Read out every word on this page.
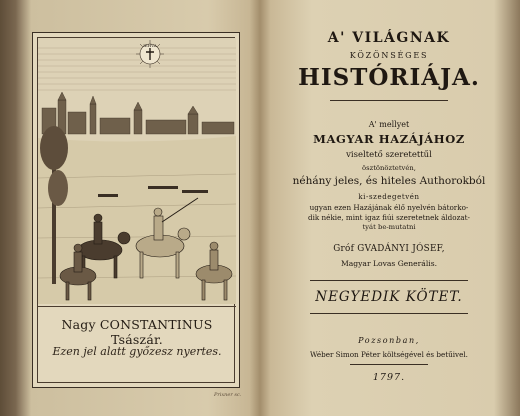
IEHVA
Nagy CONSTANTINUS Tsászár.
Ezen jel alatt győzesz nyertes.
Prixner sc.
A' VILÁGNAK
KÖZÖNSÉGES
HISTÓRIÁJA.
A' mellyet
MAGYAR HAZÁJÁHOZ
viseltető szeretettűl
ösztönöztetvén,
néhány jeles, és hiteles Authorokból
ki-szedegetvén
ugyan ezen Hazájának élő nyelvén bátorko-
dik nékie, mint igaz fiúi szeretetnek áldozat-
tyát be-mutatni
Gróf GVADÁNYI JÓSEF,
Magyar Lovas Generális.
NEGYEDIK KÖTET.
Pozsonban,
Wéber Simon Péter költségével és betűivel.
1797.
